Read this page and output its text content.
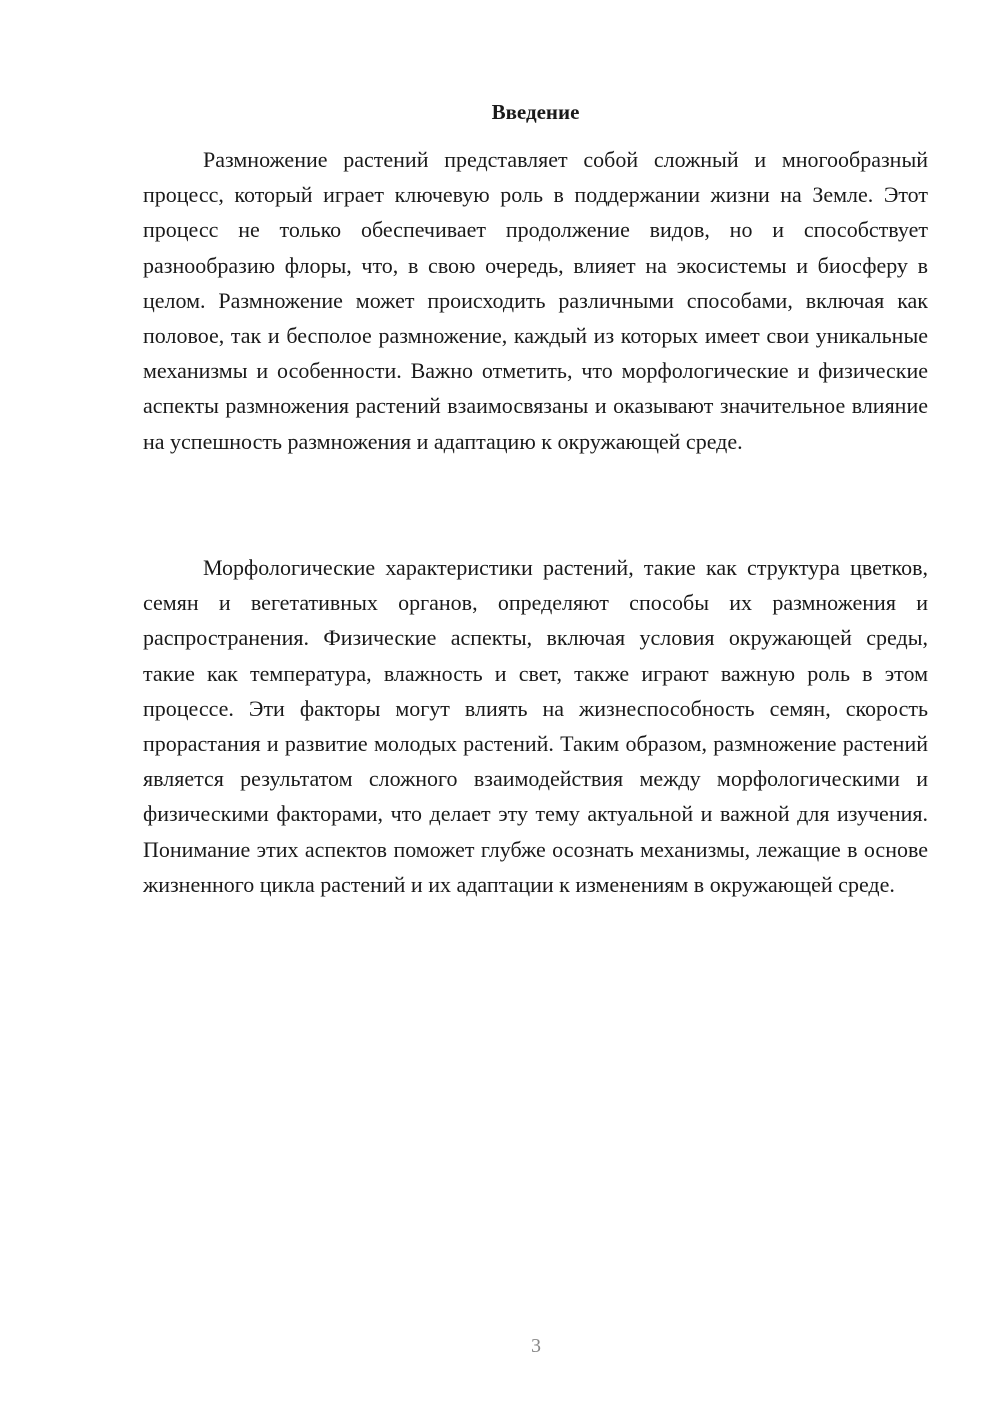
Введение

Размножение растений представляет собой сложный и многообразный процесс, который играет ключевую роль в поддержании жизни на Земле. Этот процесс не только обеспечивает продолжение видов, но и способствует разнообразию флоры, что, в свою очередь, влияет на экосистемы и биосферу в целом. Размножение может происходить различными способами, включая как половое, так и бесполое размножение, каждый из которых имеет свои уникальные механизмы и особенности. Важно отметить, что морфологические и физические аспекты размножения растений взаимосвязаны и оказывают значительное влияние на успешность размножения и адаптацию к окружающей среде.

Морфологические характеристики растений, такие как структура цветков, семян и вегетативных органов, определяют способы их размножения и распространения. Физические аспекты, включая условия окружающей среды, такие как температура, влажность и свет, также играют важную роль в этом процессе. Эти факторы могут влиять на жизнеспособность семян, скорость прорастания и развитие молодых растений. Таким образом, размножение растений является результатом сложного взаимодействия между морфологическими и физическими факторами, что делает эту тему актуальной и важной для изучения. Понимание этих аспектов поможет глубже осознать механизмы, лежащие в основе жизненного цикла растений и их адаптации к изменениям в окружающей среде.

3
